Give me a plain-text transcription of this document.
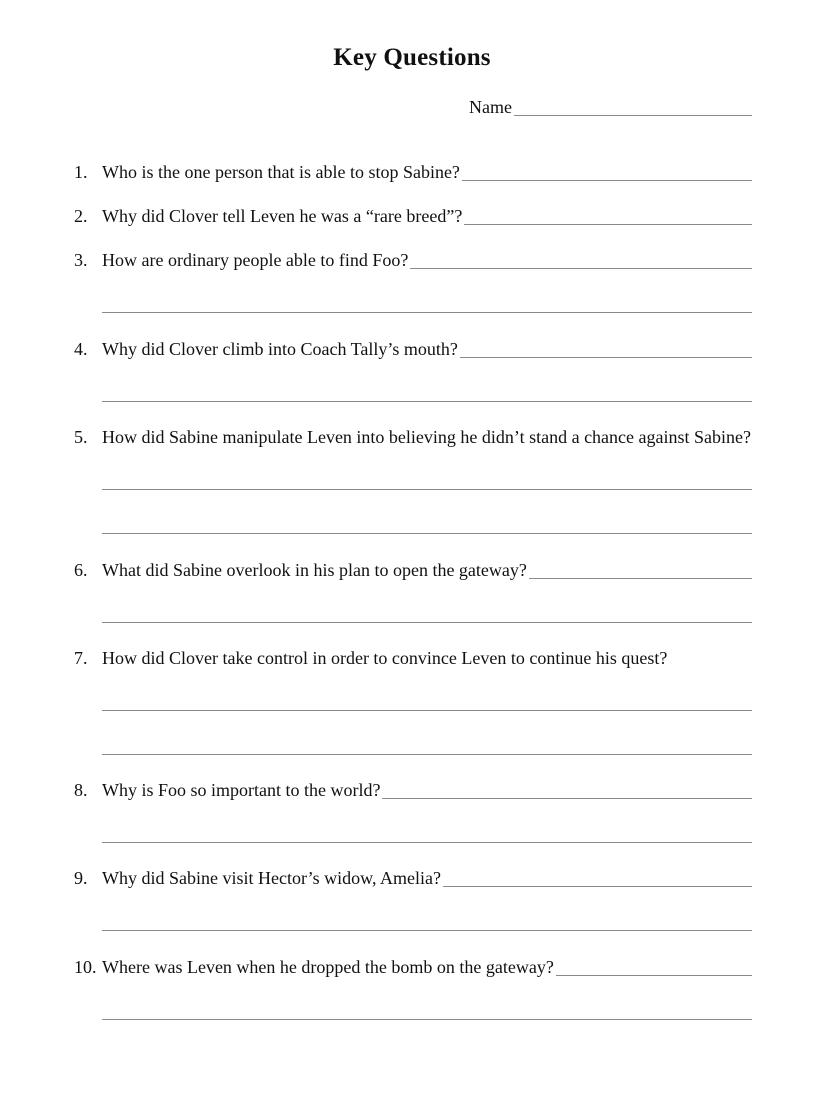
Key Questions
Name
1. Who is the one person that is able to stop Sabine?
2. Why did Clover tell Leven he was a “rare breed”?
3. How are ordinary people able to find Foo?
4. Why did Clover climb into Coach Tally’s mouth?
5. How did Sabine manipulate Leven into believing he didn’t stand a chance against Sabine?
6. What did Sabine overlook in his plan to open the gateway?
7. How did Clover take control in order to convince Leven to continue his quest?
8. Why is Foo so important to the world?
9. Why did Sabine visit Hector’s widow, Amelia?
10. Where was Leven when he dropped the bomb on the gateway?
